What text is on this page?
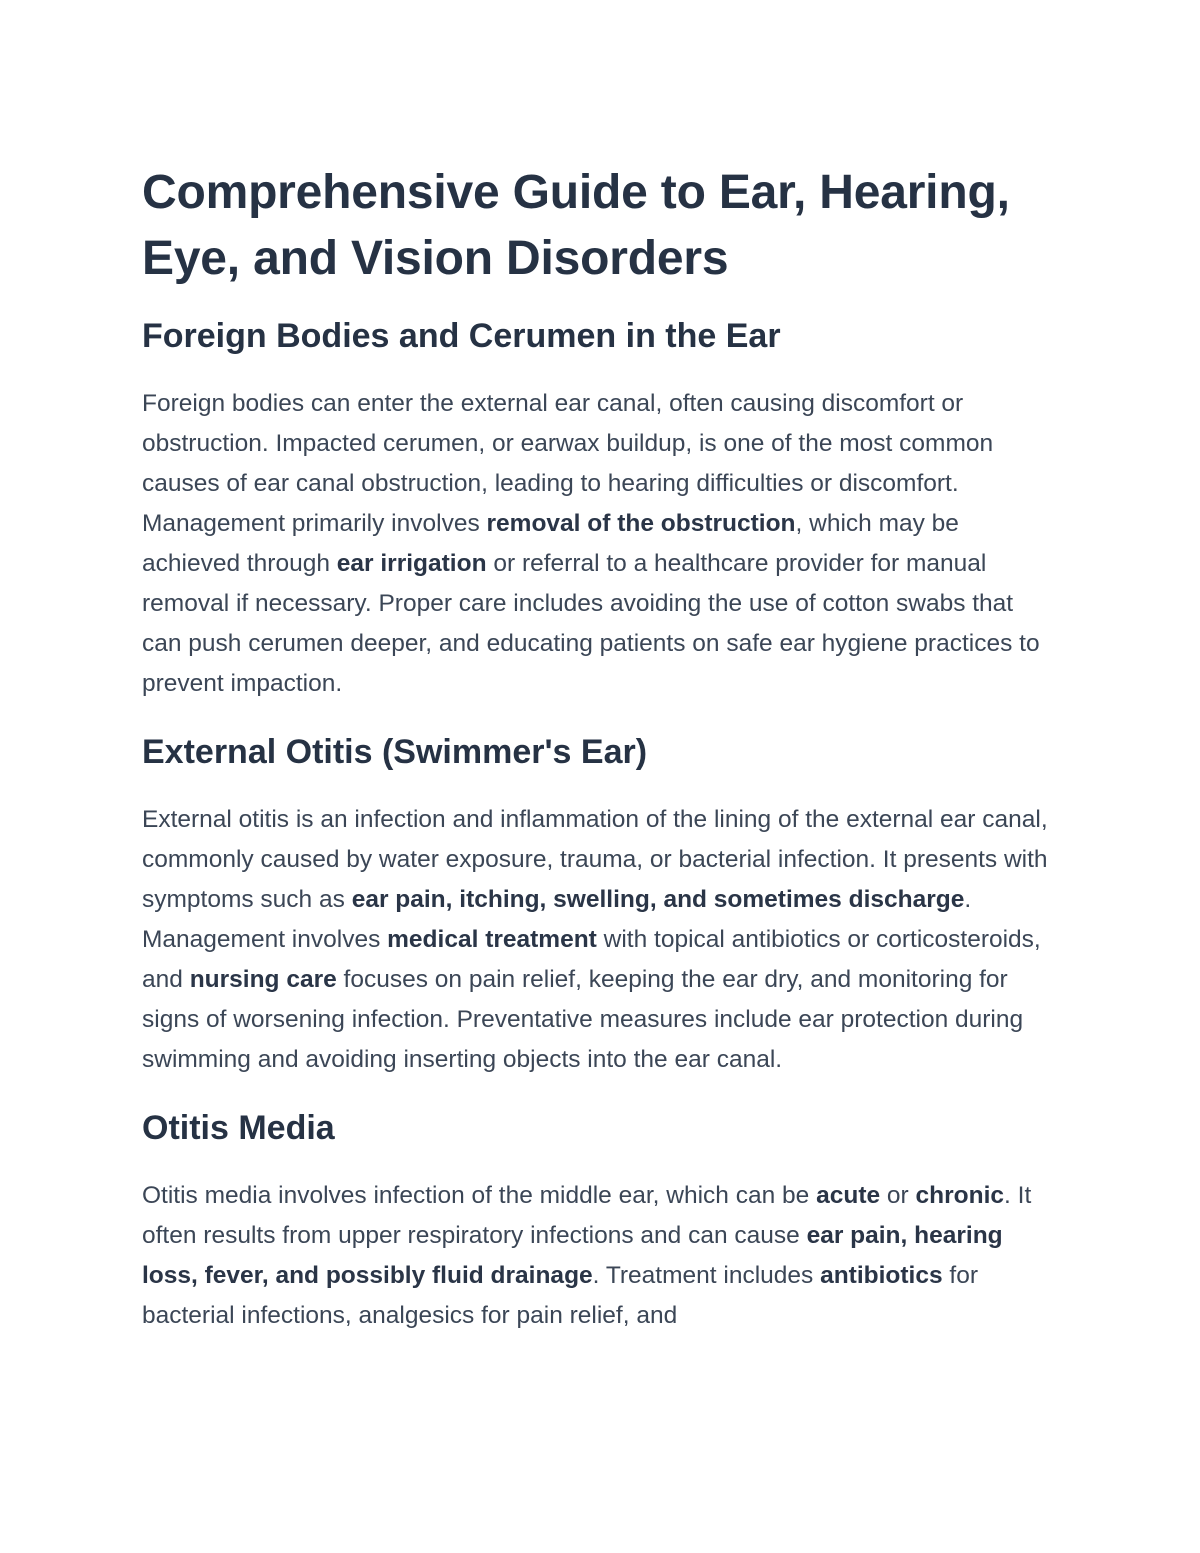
Comprehensive Guide to Ear, Hearing, Eye, and Vision Disorders
Foreign Bodies and Cerumen in the Ear

Foreign bodies can enter the external ear canal, often causing discomfort or obstruction. Impacted cerumen, or earwax buildup, is one of the most common causes of ear canal obstruction, leading to hearing difficulties or discomfort. Management primarily involves removal of the obstruction, which may be achieved through ear irrigation or referral to a healthcare provider for manual removal if necessary. Proper care includes avoiding the use of cotton swabs that can push cerumen deeper, and educating patients on safe ear hygiene practices to prevent impaction.

External Otitis (Swimmer's Ear)

External otitis is an infection and inflammation of the lining of the external ear canal, commonly caused by water exposure, trauma, or bacterial infection. It presents with symptoms such as ear pain, itching, swelling, and sometimes discharge. Management involves medical treatment with topical antibiotics or corticosteroids, and nursing care focuses on pain relief, keeping the ear dry, and monitoring for signs of worsening infection. Preventative measures include ear protection during swimming and avoiding inserting objects into the ear canal.

Otitis Media

Otitis media involves infection of the middle ear, which can be acute or chronic. It often results from upper respiratory infections and can cause ear pain, hearing loss, fever, and possibly fluid drainage. Treatment includes antibiotics for bacterial infections, analgesics for pain relief, and
